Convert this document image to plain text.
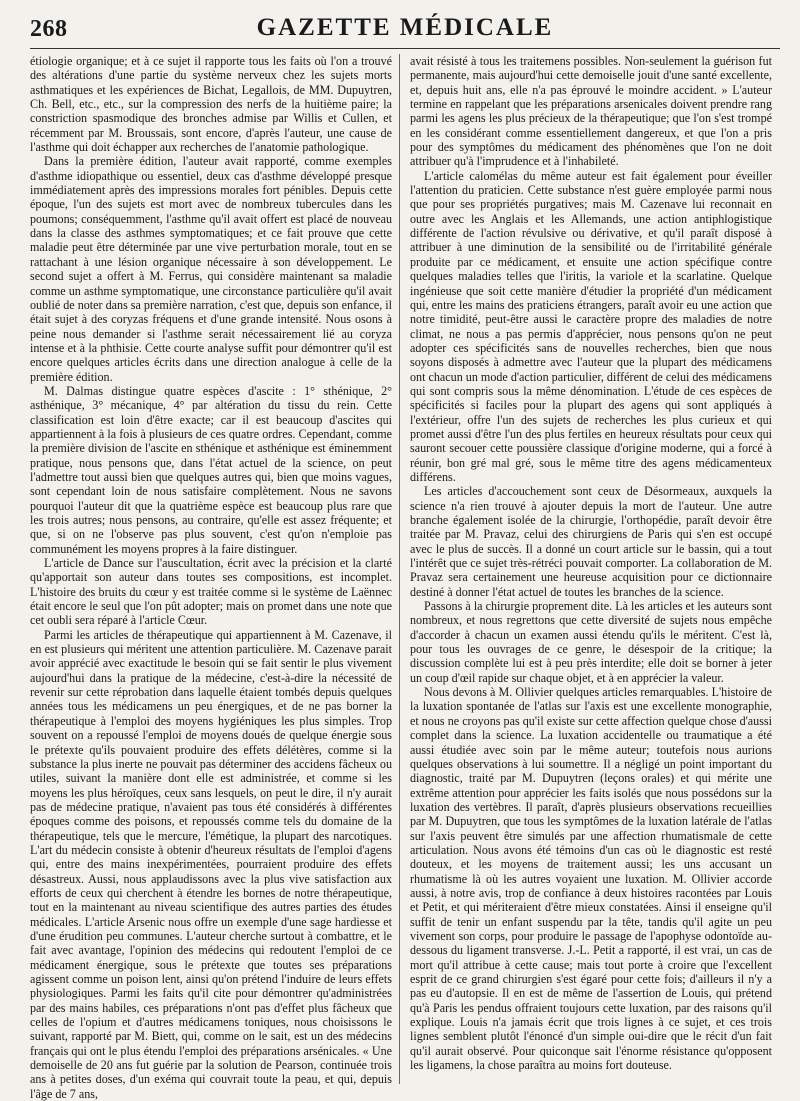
268	GAZETTE MÉDICALE

étiologie organique; et à ce sujet il rapporte tous les faits où l'on a trouvé des altérations d'une partie du système nerveux chez les sujets morts asthmatiques et les expériences de Bichat, Legallois, de MM. Dupuytren, Ch. Bell, etc., etc., sur la compression des nerfs de la huitième paire; la constriction spasmodique des bronches admise par Willis et Cullen, et récemment par M. Broussais, sont encore, d'après l'auteur, une cause de l'asthme qui doit échapper aux recherches de l'anatomie pathologique.

Dans la première édition, l'auteur avait rapporté, comme exemples d'asthme idiopathique ou essentiel, deux cas d'asthme développé presque immédiatement après des impressions morales fort pénibles. Depuis cette époque, l'un des sujets est mort avec de nombreux tubercules dans les poumons; conséquemment, l'asthme qu'il avait offert est placé de nouveau dans la classe des asthmes symptomatiques; et ce fait prouve que cette maladie peut être déterminée par une vive perturbation morale, tout en se rattachant à une lésion organique nécessaire à son développement. Le second sujet a offert à M. Ferrus, qui considère maintenant sa maladie comme un asthme symptomatique, une circonstance particulière qu'il avait oublié de noter dans sa première narration, c'est que, depuis son enfance, il était sujet à des coryzas fréquens et d'une grande intensité. Nous osons à peine nous demander si l'asthme serait nécessairement lié au coryza intense et à la phthisie. Cette courte analyse suffit pour démontrer qu'il est encore quelques articles écrits dans une direction analogue à celle de la première édition.

M. Dalmas distingue quatre espèces d'ascite : 1° sthénique, 2° asthénique, 3° mécanique, 4° par altération du tissu du rein. Cette classification est loin d'être exacte; car il est beaucoup d'ascites qui appartiennent à la fois à plusieurs de ces quatre ordres. Cependant, comme la première division de l'ascite en sthénique et asthénique est éminemment pratique, nous pensons que, dans l'état actuel de la science, on peut l'admettre tout aussi bien que quelques autres qui, bien que moins vagues, sont cependant loin de nous satisfaire complètement. Nous ne savons pourquoi l'auteur dit que la quatrième espèce est beaucoup plus rare que les trois autres; nous pensons, au contraire, qu'elle est assez fréquente; et que, si on ne l'observe pas plus souvent, c'est qu'on n'emploie pas communément les moyens propres à la faire distinguer.

L'article de Dance sur l'auscultation, écrit avec la précision et la clarté qu'apportait son auteur dans toutes ses compositions, est incomplet. L'histoire des bruits du cœur y est traitée comme si le système de Laënnec était encore le seul que l'on pût adopter; mais on promet dans une note que cet oubli sera réparé à l'article Cœur.

Parmi les articles de thérapeutique qui appartiennent à M. Cazenave, il en est plusieurs qui méritent une attention particulière. M. Cazenave parait avoir apprécié avec exactitude le besoin qui se fait sentir le plus vivement aujourd'hui dans la pratique de la médecine, c'est-à-dire la nécessité de revenir sur cette réprobation dans laquelle étaient tombés depuis quelques années tous les médicamens un peu énergiques, et de ne pas borner la thérapeutique à l'emploi des moyens hygiéniques les plus simples. Trop souvent on a repoussé l'emploi de moyens doués de quelque énergie sous le prétexte qu'ils pouvaient produire des effets délétères, comme si la substance la plus inerte ne pouvait pas déterminer des accidens fâcheux ou utiles, suivant la manière dont elle est administrée, et comme si les moyens les plus héroïques, ceux sans lesquels, on peut le dire, il n'y aurait pas de médecine pratique, n'avaient pas tous été considérés à différentes époques comme des poisons, et repoussés comme tels du domaine de la thérapeutique, tels que le mercure, l'émétique, la plupart des narcotiques. L'art du médecin consiste à obtenir d'heureux résultats de l'emploi d'agens qui, entre des mains inexpérimentées, pourraient produire des effets désastreux. Aussi, nous applaudissons avec la plus vive satisfaction aux efforts de ceux qui cherchent à étendre les bornes de notre thérapeutique, tout en la maintenant au niveau scientifique des autres parties des études médicales. L'article Arsenic nous offre un exemple d'une sage hardiesse et d'une érudition peu communes. L'auteur cherche surtout à combattre, et le fait avec avantage, l'opinion des médecins qui redoutent l'emploi de ce médicament énergique, sous le prétexte que toutes ses préparations agissent comme un poison lent, ainsi qu'on prétend l'induire de leurs effets physiologiques. Parmi les faits qu'il cite pour démontrer qu'administrées par des mains habiles, ces préparations n'ont pas d'effet plus fâcheux que celles de l'opium et d'autres médicamens toniques, nous choisissons le suivant, rapporté par M. Biett, qui, comme on le sait, est un des médecins français qui ont le plus étendu l'emploi des préparations arsénicales. « Une demoiselle de 20 ans fut guérie par la solution de Pearson, continuée trois ans à petites doses, d'un exéma qui couvrait toute la peau, et qui, depuis l'âge de 7 ans,

avait résisté à tous les traitemens possibles. Non-seulement la guérison fut permanente, mais aujourd'hui cette demoiselle jouit d'une santé excellente, et, depuis huit ans, elle n'a pas éprouvé le moindre accident. » L'auteur termine en rappelant que les préparations arsenicales doivent prendre rang parmi les agens les plus précieux de la thérapeutique; que l'on s'est trompé en les considérant comme essentiellement dangereux, et que l'on a pris pour des symptômes du médicament des phénomènes que l'on ne doit attribuer qu'à l'imprudence et à l'inhabileté.

L'article calomélas du même auteur est fait également pour éveiller l'attention du praticien. Cette substance n'est guère employée parmi nous que pour ses propriétés purgatives; mais M. Cazenave lui reconnait en outre avec les Anglais et les Allemands, une action antiphlogistique différente de l'action révulsive ou dérivative, et qu'il paraît disposé à attribuer à une diminution de la sensibilité ou de l'irritabilité générale produite par ce médicament, et ensuite une action spécifique contre quelques maladies telles que l'iritis, la variole et la scarlatine. Quelque ingénieuse que soit cette manière d'étudier la propriété d'un médicament qui, entre les mains des praticiens étrangers, paraît avoir eu une action que notre timidité, peut-être aussi le caractère propre des maladies de notre climat, ne nous a pas permis d'apprécier, nous pensons qu'on ne peut adopter ces spécificités sans de nouvelles recherches, bien que nous soyons disposés à admettre avec l'auteur que la plupart des médicamens ont chacun un mode d'action particulier, différent de celui des médicamens qui sont compris sous la même dénomination. L'étude de ces espèces de spécificités si faciles pour la plupart des agens qui sont appliqués à l'extérieur, offre l'un des sujets de recherches les plus curieux et qui promet aussi d'être l'un des plus fertiles en heureux résultats pour ceux qui sauront secouer cette poussière classique d'origine moderne, qui a forcé à réunir, bon gré mal gré, sous le même titre des agens médicamenteux différens.

Les articles d'accouchement sont ceux de Désormeaux, auxquels la science n'a rien trouvé à ajouter depuis la mort de l'auteur. Une autre branche également isolée de la chirurgie, l'orthopédie, paraît devoir être traitée par M. Pravaz, celui des chirurgiens de Paris qui s'en est occupé avec le plus de succès. Il a donné un court article sur le bassin, qui a tout l'intérêt que ce sujet très-rétréci pouvait comporter. La collaboration de M. Pravaz sera certainement une heureuse acquisition pour ce dictionnaire destiné à donner l'état actuel de toutes les branches de la science.

Passons à la chirurgie proprement dite. Là les articles et les auteurs sont nombreux, et nous regrettons que cette diversité de sujets nous empêche d'accorder à chacun un examen aussi étendu qu'ils le méritent. C'est là, pour tous les ouvrages de ce genre, le désespoir de la critique; la discussion complète lui est à peu près interdite; elle doit se borner à jeter un coup d'œil rapide sur chaque objet, et à en apprécier la valeur.

Nous devons à M. Ollivier quelques articles remarquables. L'histoire de la luxation spontanée de l'atlas sur l'axis est une excellente monographie, et nous ne croyons pas qu'il existe sur cette affection quelque chose d'aussi complet dans la science. La luxation accidentelle ou traumatique a été aussi étudiée avec soin par le même auteur; toutefois nous aurions quelques observations à lui soumettre. Il a négligé un point important du diagnostic, traité par M. Dupuytren (leçons orales) et qui mérite une extrême attention pour apprécier les faits isolés que nous possédons sur la luxation des vertèbres. Il paraît, d'après plusieurs observations recueillies par M. Dupuytren, que tous les symptômes de la luxation latérale de l'atlas sur l'axis peuvent être simulés par une affection rhumatismale de cette articulation. Nous avons été témoins d'un cas où le diagnostic est resté douteux, et les moyens de traitement aussi; les uns accusant un rhumatisme là où les autres voyaient une luxation. M. Ollivier accorde aussi, à notre avis, trop de confiance à deux histoires racontées par Louis et Petit, et qui mériteraient d'être mieux constatées. Ainsi il enseigne qu'il suffit de tenir un enfant suspendu par la tête, tandis qu'il agite un peu vivement son corps, pour produire le passage de l'apophyse odontoïde au-dessous du ligament transverse. J.-L. Petit a rapporté, il est vrai, un cas de mort qu'il attribue à cette cause; mais tout porte à croire que l'excellent esprit de ce grand chirurgien s'est égaré pour cette fois; d'ailleurs il n'y a pas eu d'autopsie. Il en est de même de l'assertion de Louis, qui prétend qu'à Paris les pendus offraient toujours cette luxation, par des raisons qu'il explique. Louis n'a jamais écrit que trois lignes à ce sujet, et ces trois lignes semblent plutôt l'énoncé d'un simple oui-dire que le récit d'un fait qu'il aurait observé. Pour quiconque sait l'énorme résistance qu'opposent les ligamens, la chose paraîtra au moins fort douteuse.
